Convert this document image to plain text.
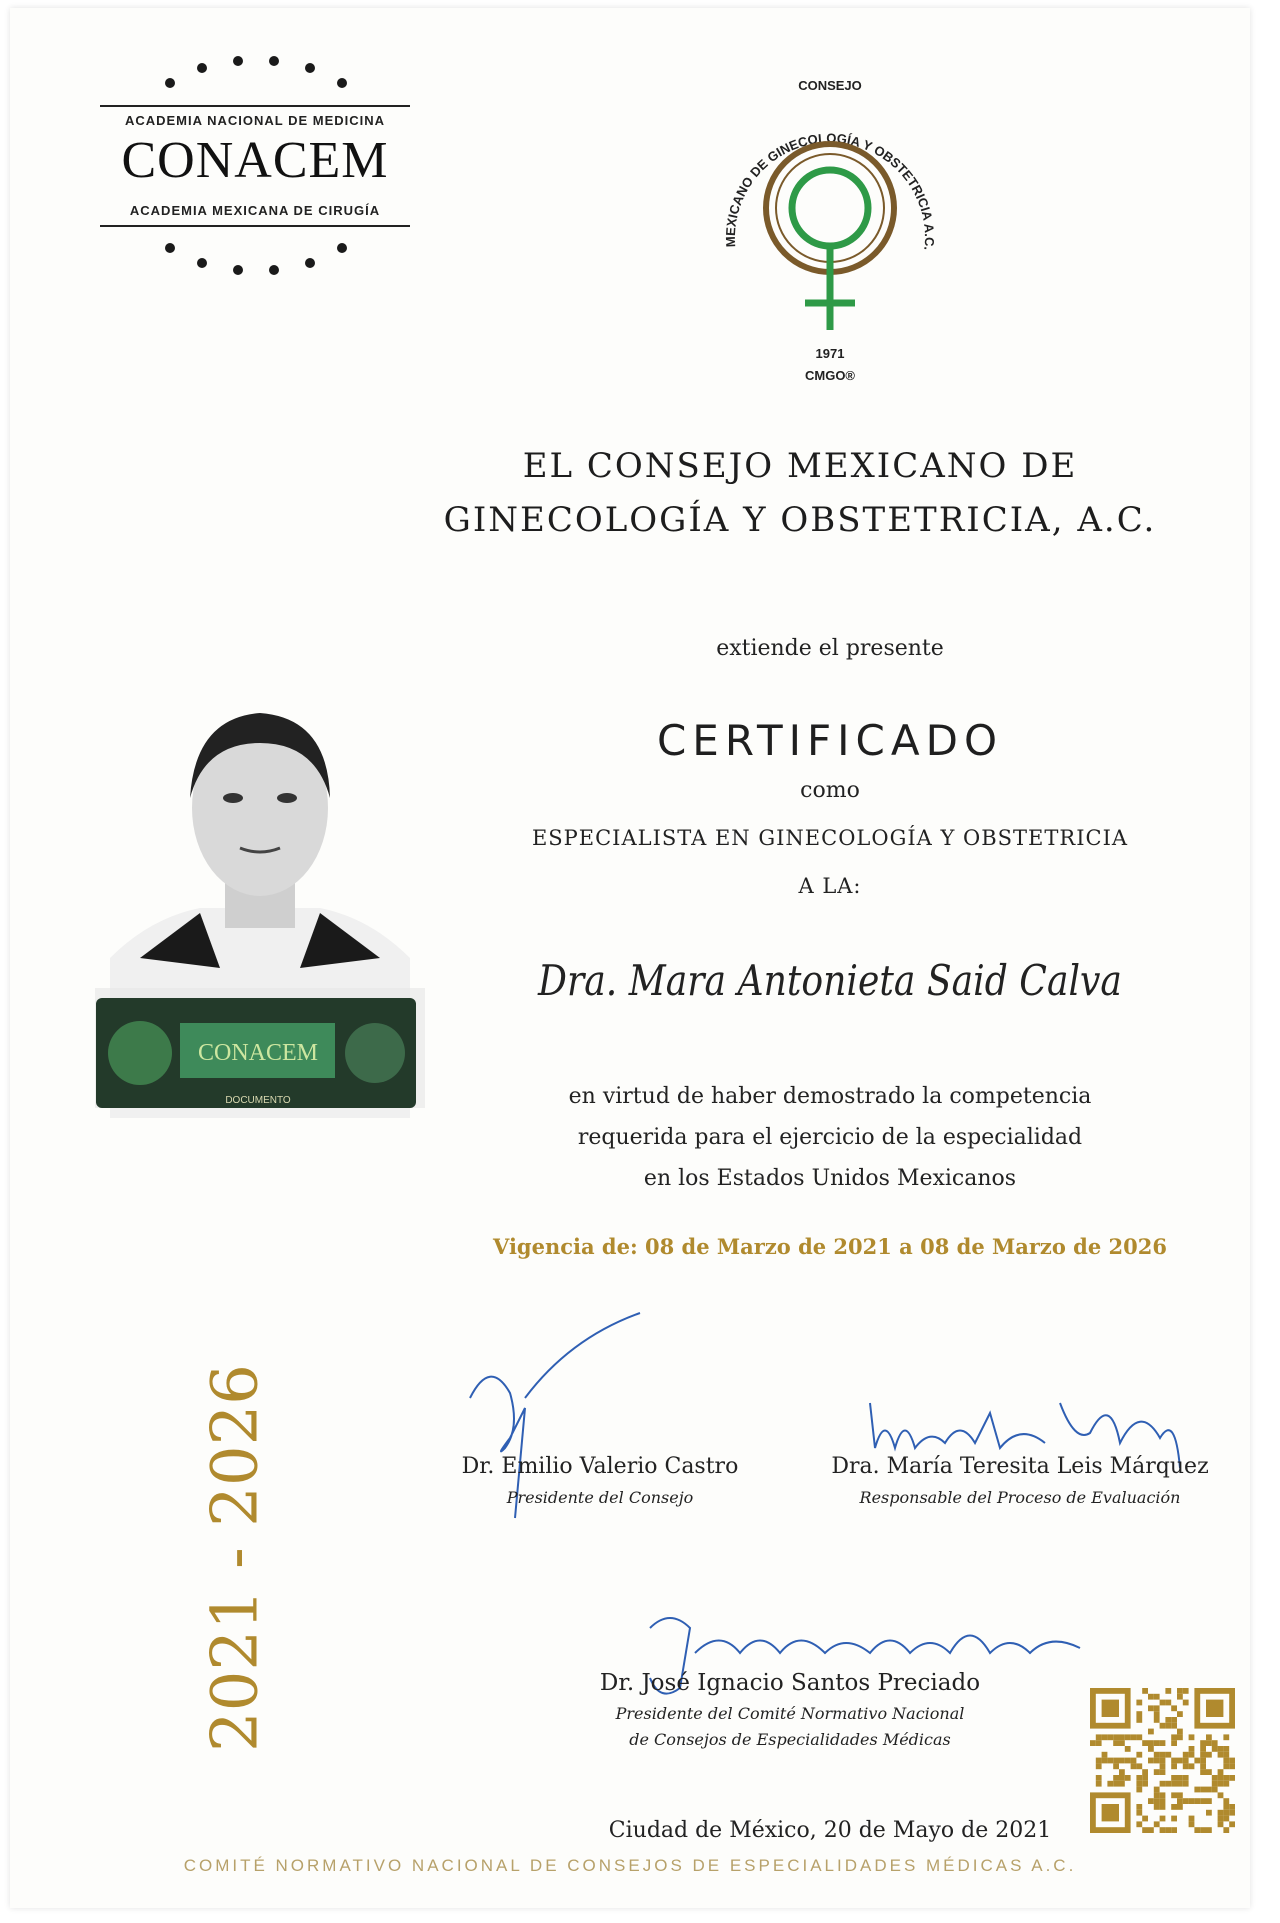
ACADEMIA NACIONAL DE MEDICINA
CONACEM
ACADEMIA MEXICANA DE CIRUGÍA
MEXICANO DE GINECOLOGÍA Y OBSTETRICIA A.C.
CONSEJO
1971
CMGO®
EL CONSEJO MEXICANO DE
GINECOLOGÍA Y OBSTETRICIA, A.C.
extiende el presente
CERTIFICADO
como
ESPECIALISTA EN GINECOLOGÍA Y OBSTETRICIA
A LA:
Dra. Mara Antonieta Said Calva
en virtud de haber demostrado la competencia
requerida para el ejercicio de la especialidad
en los Estados Unidos Mexicanos
Vigencia de: 08 de Marzo de 2021 a 08 de Marzo de 2026
CONACEM
DOCUMENTO
2021 - 2026	Dr. Emilio Valerio Castro
Presidente del Consejo
Dra. María Teresita Leis Márquez
Responsable del Proceso de Evaluación
Dr. José Ignacio Santos Preciado
Presidente del Comité Normativo Nacional
de Consejos de Especialidades Médicas
Ciudad de México, 20 de Mayo de 2021
COMITÉ NORMATIVO NACIONAL DE CONSEJOS DE ESPECIALIDADES MÉDICAS A.C.
